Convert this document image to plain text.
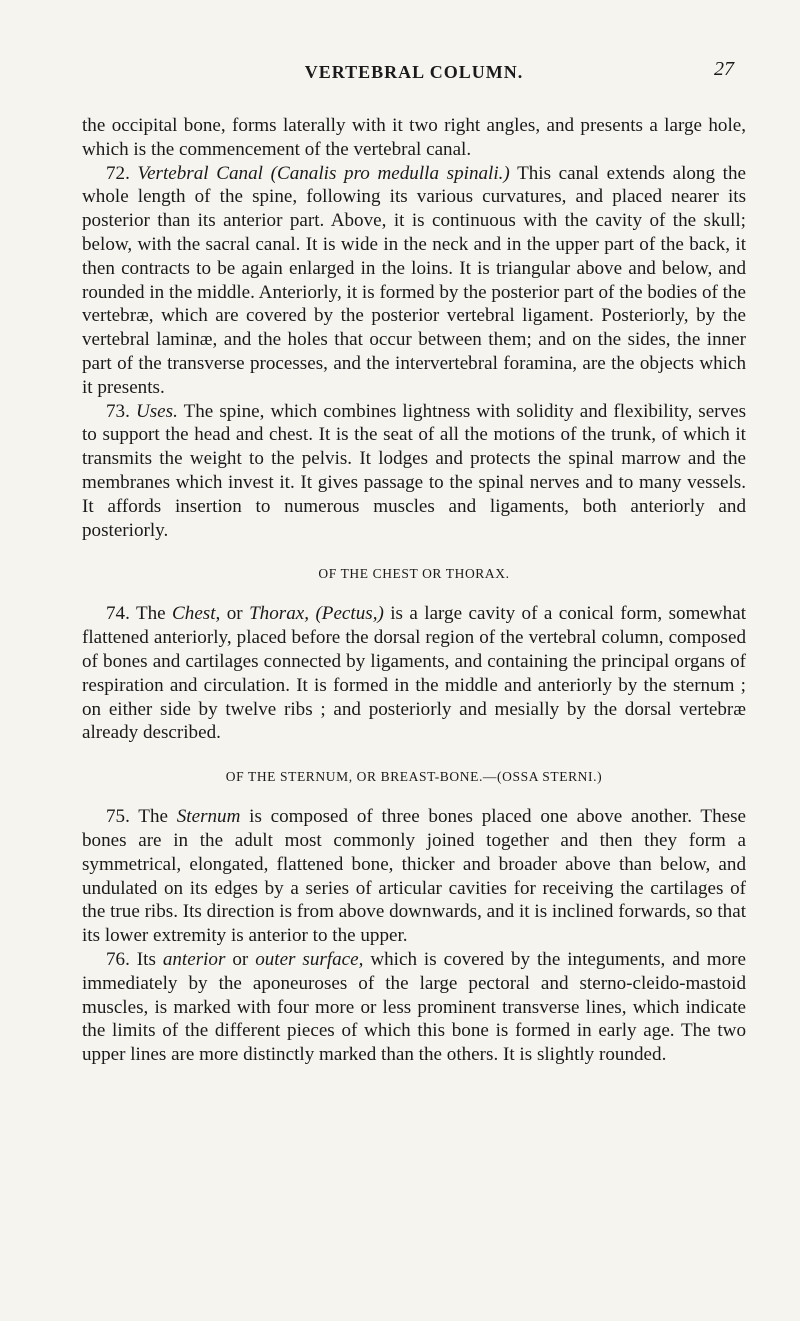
VERTEBRAL COLUMN.	27

the occipital bone, forms laterally with it two right angles, and presents a large hole, which is the commencement of the vertebral canal.

72. Vertebral Canal (Canalis pro medulla spinali.) This canal extends along the whole length of the spine, following its various curvatures, and placed nearer its posterior than its anterior part. Above, it is continuous with the cavity of the skull; below, with the sacral canal. It is wide in the neck and in the upper part of the back, it then contracts to be again enlarged in the loins. It is triangular above and below, and rounded in the middle. Anteriorly, it is formed by the posterior part of the bodies of the vertebræ, which are covered by the posterior vertebral ligament. Posteriorly, by the vertebral laminæ, and the holes that occur between them; and on the sides, the inner part of the transverse processes, and the intervertebral foramina, are the objects which it presents.

73. Uses. The spine, which combines lightness with solidity and flexibility, serves to support the head and chest. It is the seat of all the motions of the trunk, of which it transmits the weight to the pelvis. It lodges and protects the spinal marrow and the membranes which invest it. It gives passage to the spinal nerves and to many vessels. It affords insertion to numerous muscles and ligaments, both anteriorly and posteriorly.

OF THE CHEST OR THORAX.

74. The Chest, or Thorax, (Pectus,) is a large cavity of a conical form, somewhat flattened anteriorly, placed before the dorsal region of the vertebral column, composed of bones and cartilages connected by ligaments, and containing the principal organs of respiration and circulation. It is formed in the middle and anteriorly by the sternum ; on either side by twelve ribs ; and posteriorly and mesially by the dorsal vertebræ already described.

OF THE STERNUM, OR BREAST-BONE.—(OSSA STERNI.)

75. The Sternum is composed of three bones placed one above another. These bones are in the adult most commonly joined together and then they form a symmetrical, elongated, flattened bone, thicker and broader above than below, and undulated on its edges by a series of articular cavities for receiving the cartilages of the true ribs. Its direction is from above downwards, and it is inclined forwards, so that its lower extremity is anterior to the upper.

76. Its anterior or outer surface, which is covered by the integuments, and more immediately by the aponeuroses of the large pectoral and sterno-cleido-mastoid muscles, is marked with four more or less prominent transverse lines, which indicate the limits of the different pieces of which this bone is formed in early age. The two upper lines are more distinctly marked than the others. It is slightly rounded.
